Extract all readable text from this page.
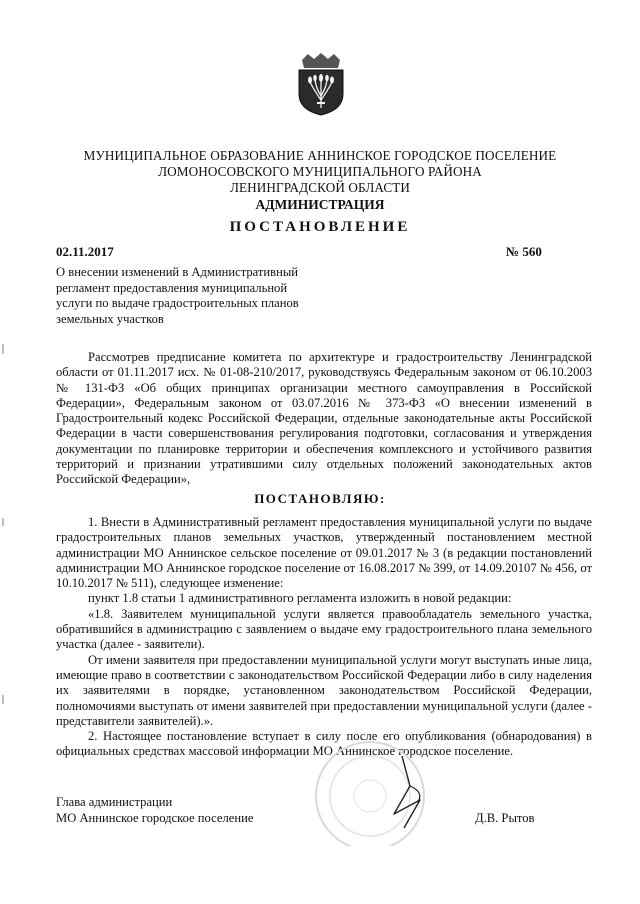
МУНИЦИПАЛЬНОЕ ОБРАЗОВАНИЕ АННИНСКОЕ ГОРОДСКОЕ ПОСЕЛЕНИЕ
ЛОМОНОСОВСКОГО МУНИЦИПАЛЬНОГО РАЙОНА
ЛЕНИНГРАДСКОЙ ОБЛАСТИ
АДМИНИСТРАЦИЯ
ПОСТАНОВЛЕНИЕ
02.11.2017	№ 560
О внесении изменений в Административный
регламент предоставления муниципальной
услуги по выдаче градостроительных планов
земельных участков

Рассмотрев предписание комитета по архитектуре и градостроительству Ленинградской области от 01.11.2017 исх. № 01-08-210/2017, руководствуясь Федеральным законом от 06.10.2003 № 131-ФЗ «Об общих принципах организации местного самоуправления в Российской Федерации», Федеральным законом от 03.07.2016 № 373-ФЗ «О внесении изменений в Градостроительный кодекс Российской Федерации, отдельные законодательные акты Российской Федерации в части совершенствования регулирования подготовки, согласования и утверждения документации по планировке территории и обеспечения комплексного и устойчивого развития территорий и признании утратившими силу отдельных положений законодательных актов Российской Федерации»,

ПОСТАНОВЛЯЮ:

1. Внести в Административный регламент предоставления муниципальной услуги по выдаче градостроительных планов земельных участков, утвержденный постановлением местной администрации МО Аннинское сельское поселение от 09.01.2017 № 3 (в редакции постановлений администрации МО Аннинское городское поселение от 16.08.2017 № 399, от 14.09.20107 № 456, от 10.10.2017 № 511), следующее изменение:

пункт 1.8 статьи 1 административного регламента изложить в новой редакции:

«1.8. Заявителем муниципальной услуги является правообладатель земельного участка, обратившийся в администрацию с заявлением о выдаче ему градостроительного плана земельного участка (далее - заявители).

От имени заявителя при предоставлении муниципальной услуги могут выступать иные лица, имеющие право в соответствии с законодательством Российской Федерации либо в силу наделения их заявителями в порядке, установленном законодательством Российской Федерации, полномочиями выступать от имени заявителей при предоставлении муниципальной услуги (далее - представители заявителей).».

2. Настоящее постановление вступает в силу после его опубликования (обнародования) в официальных средствах массовой информации МО Аннинское городское поселение.

Глава администрации
МО Аннинское городское поселение	Д.В. Рытов
